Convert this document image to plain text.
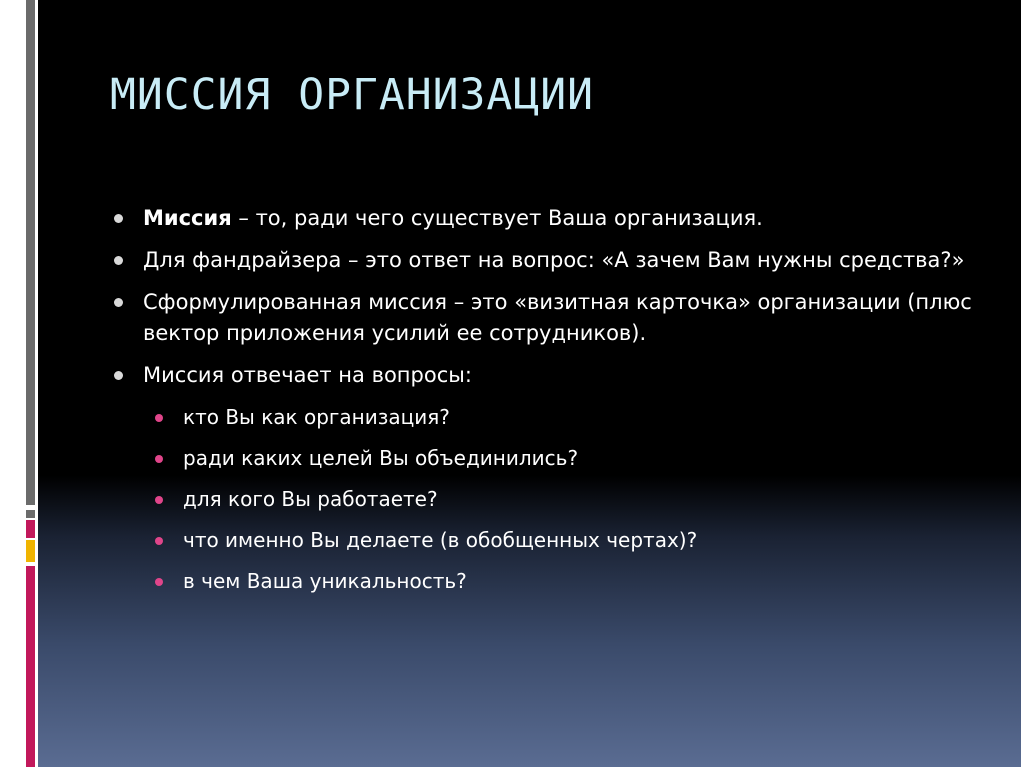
МИССИЯ ОРГАНИЗАЦИИ
Миссия – то, ради чего существует Ваша организация.
Для фандрайзера – это ответ на вопрос: «А зачем Вам нужны средства?»
Сформулированная миссия – это «визитная карточка» организации (плюс вектор приложения усилий ее сотрудников).
Миссия отвечает на вопросы:
кто Вы как организация?
ради каких целей Вы объединились?
для кого Вы работаете?
что именно Вы делаете (в обобщенных чертах)?
в чем Ваша уникальность?
